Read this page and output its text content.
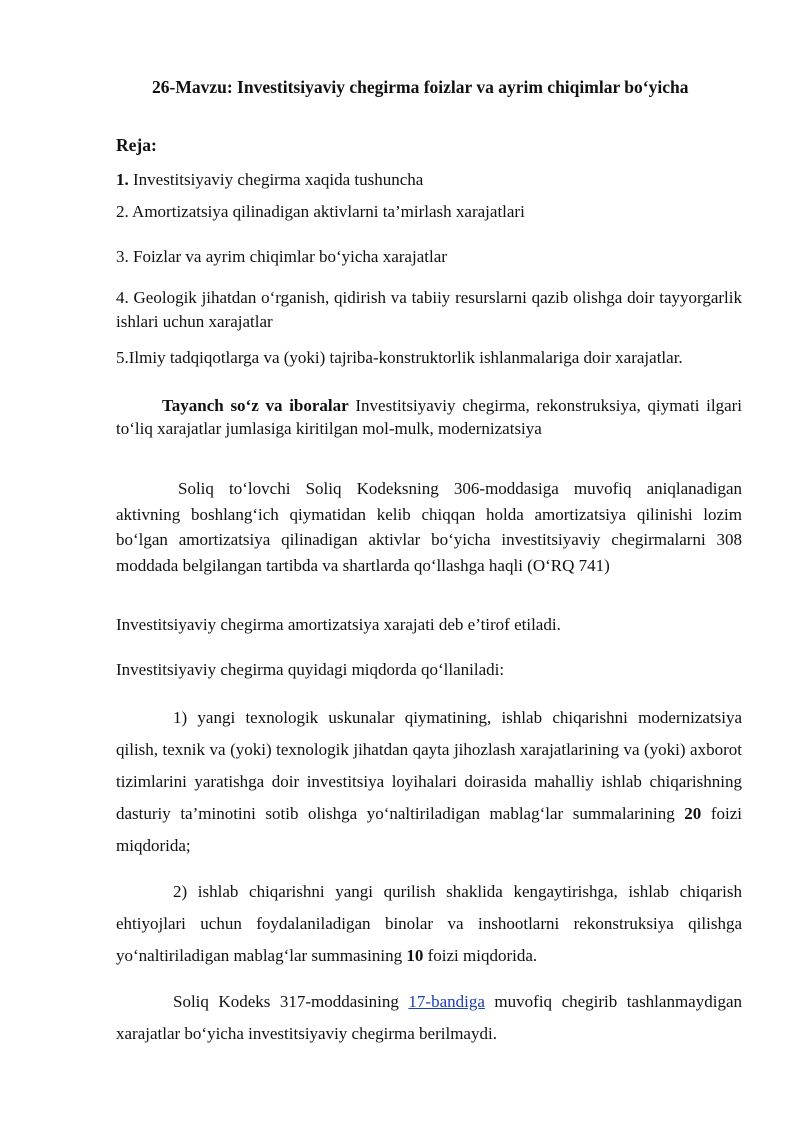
26-Mavzu: Investitsiyaviy chegirma foizlar va ayrim chiqimlar bo‘yicha
Reja:
1. Investitsiyaviy chegirma xaqida tushuncha
2. Amortizatsiya qilinadigan aktivlarni ta’mirlash xarajatlari
3. Foizlar va ayrim chiqimlar bo‘yicha xarajatlar
4. Geologik jihatdan o‘rganish, qidirish va tabiiy resurslarni qazib olishga doir tayyorgarlik ishlari uchun xarajatlar
5.Ilmiy tadqiqotlarga va (yoki) tajriba-konstruktorlik ishlanmalariga doir xarajatlar.
Tayanch so‘z va iboralar Investitsiyaviy chegirma, rekonstruksiya, qiymati ilgari to‘liq xarajatlar jumlasiga kiritilgan mol-mulk, modernizatsiya
Soliq to‘lovchi Soliq Kodeksning 306-moddasiga muvofiq aniqlanadigan aktivning boshlang‘ich qiymatidan kelib chiqqan holda amortizatsiya qilinishi lozim bo‘lgan amortizatsiya qilinadigan aktivlar bo‘yicha investitsiyaviy chegirmalarni 308 moddada belgilangan tartibda va shartlarda qo‘llashga haqli (O‘RQ 741)
Investitsiyaviy chegirma amortizatsiya xarajati deb e’tirof etiladi.
Investitsiyaviy chegirma quyidagi miqdorda qo‘llaniladi:
1) yangi texnologik uskunalar qiymatining, ishlab chiqarishni modernizatsiya qilish, texnik va (yoki) texnologik jihatdan qayta jihozlash xarajatlarining va (yoki) axborot tizimlarini yaratishga doir investitsiya loyihalari doirasida mahalliy ishlab chiqarishning dasturiy ta’minotini sotib olishga yo‘naltiriladigan mablag‘lar summalarining 20 foizi miqdorida;
2) ishlab chiqarishni yangi qurilish shaklida kengaytirishga, ishlab chiqarish ehtiyojlari uchun foydalaniladigan binolar va inshootlarni rekonstruksiya qilishga yo‘naltiriladigan mablag‘lar summasining 10 foizi miqdorida.
Soliq Kodeks 317-moddasining 17-bandiga muvofiq chegirib tashlanmaydigan xarajatlar bo‘yicha investitsiyaviy chegirma berilmaydi.
